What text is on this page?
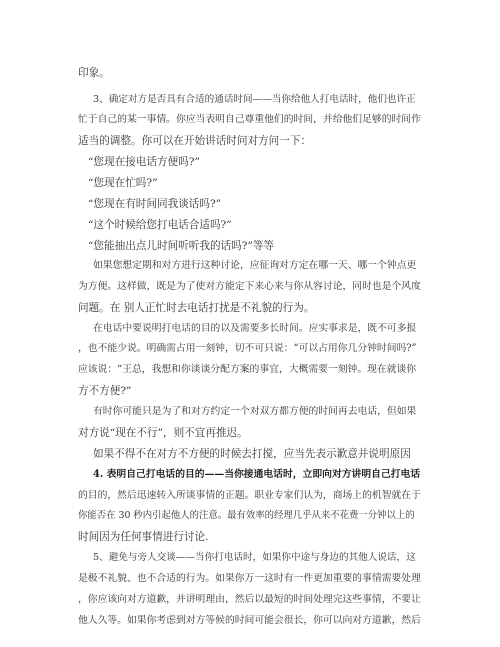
印象。
3、确定对方是否具有合适的通话时间——当你给他人打电话时，他们也许正
忙于自己的某一事情。你应当表明自己尊重他们的时间，并给他们足够的时间作
适当的调整。你可以在开始讲话时问对方问一下：
“您现在接电话方便吗?”
“您现在忙吗?”
“您现在有时间同我谈话吗?”
“这个时候给您打电话合适吗?”
“您能抽出点儿时间听听我的话吗?”等等
如果您想定期和对方进行这种讨论，应征询对方定在哪一天、哪一个钟点更
为方便。这样做，既是为了使对方能定下来心来与你从容讨论，同时也是个风度
问题。在 别人正忙时去电话打扰是不礼貌的行为。
在电话中要说明打电话的目的以及需要多长时间。应实事求是，既不可多报
，也不能少说。明确需占用一刻钟，切不可只说：“可以占用你几分钟时间吗?”
应该说：“王总，我想和你谈谈分配方案的事宜，大概需要一刻钟。现在就谈你
方不方便?”
有时你可能只是为了和对方约定一个对双方都方便的时间再去电话，但如果
对方说“现在不行”，则不宜再推迟。
如果不得不在对方不方便的时候去打搅，应当先表示歉意并说明原因
4. 表明自己打电话的目的——当你接通电话时，立即向对方讲明自己打电话
的目的，然后迅速转入所谈事情的正题。职业专家们认为，商场上的机智就在于
你能否在 30 秒内引起他人的注意。最有效率的经理几乎从来不花费一分钟以上的
时间因为任何事情进行讨论.
5、避免与旁人交谈——当你打电话时，如果你中途与身边的其他人说话，这
是极不礼貌、也不合适的行为。如果你万一这时有一件更加重要的事情需要处理
，你应该向对方道歉，并讲明理由，然后以最短的时间处理完这些事情，不要让
他人久等。如果你考虑到对方等候的时间可能会很长，你可以向对方道歉，然后
